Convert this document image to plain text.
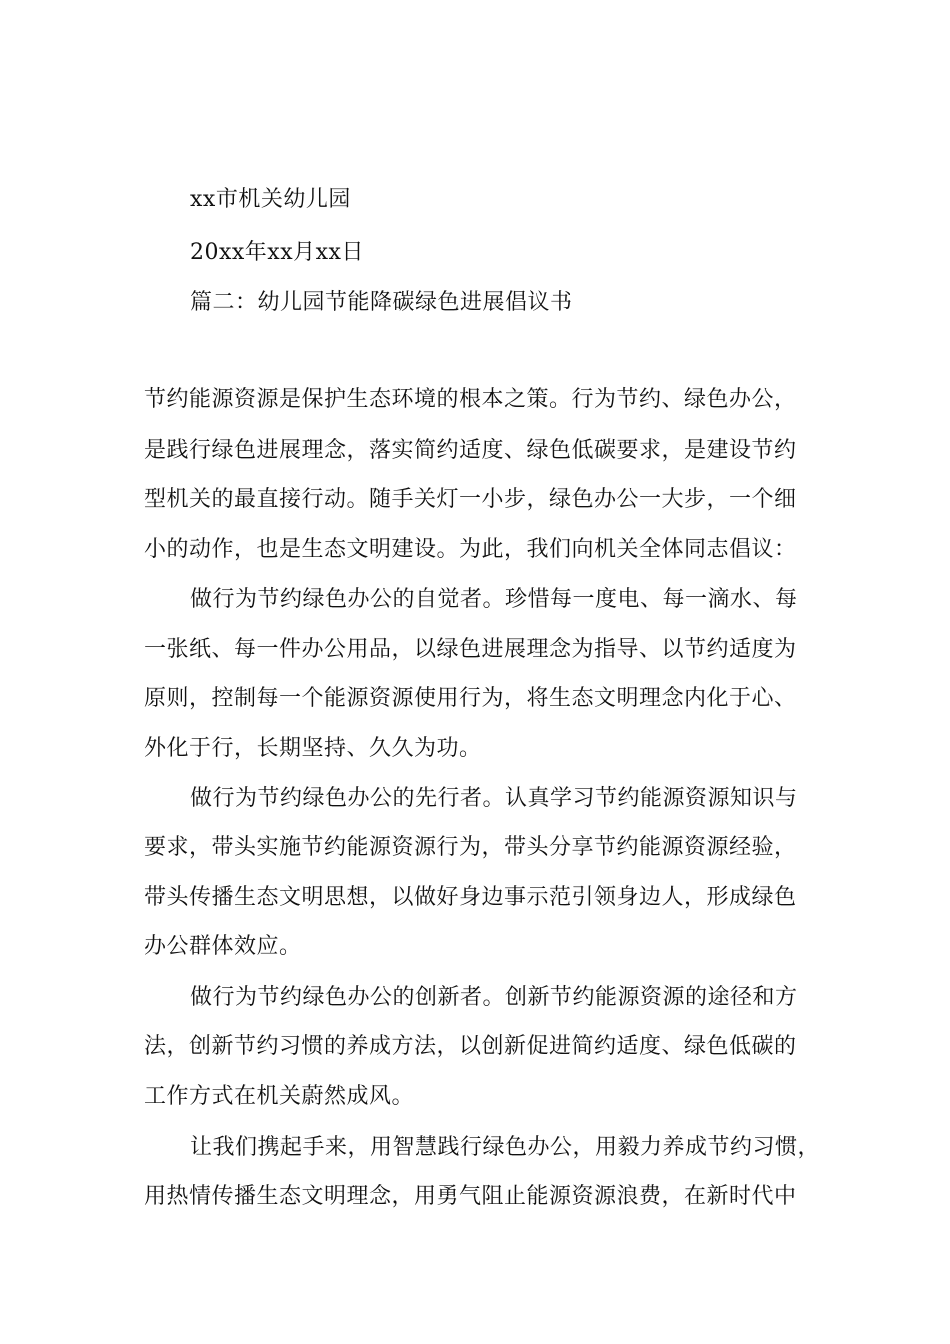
xx市机关幼儿园
20xx年xx月xx日
篇二：幼儿园节能降碳绿色进展倡议书
节约能源资源是保护生态环境的根本之策。行为节约、绿色办公，
是践行绿色进展理念，落实简约适度、绿色低碳要求，是建设节约
型机关的最直接行动。随手关灯一小步，绿色办公一大步，一个细
小的动作，也是生态文明建设。为此，我们向机关全体同志倡议：
做行为节约绿色办公的自觉者。珍惜每一度电、每一滴水、每
一张纸、每一件办公用品，以绿色进展理念为指导、以节约适度为
原则，控制每一个能源资源使用行为，将生态文明理念内化于心、
外化于行，长期坚持、久久为功。
做行为节约绿色办公的先行者。认真学习节约能源资源知识与
要求，带头实施节约能源资源行为，带头分享节约能源资源经验，
带头传播生态文明思想，以做好身边事示范引领身边人，形成绿色
办公群体效应。
做行为节约绿色办公的创新者。创新节约能源资源的途径和方
法，创新节约习惯的养成方法，以创新促进简约适度、绿色低碳的
工作方式在机关蔚然成风。
让我们携起手来，用智慧践行绿色办公，用毅力养成节约习惯，
用热情传播生态文明理念，用勇气阻止能源资源浪费，在新时代中
